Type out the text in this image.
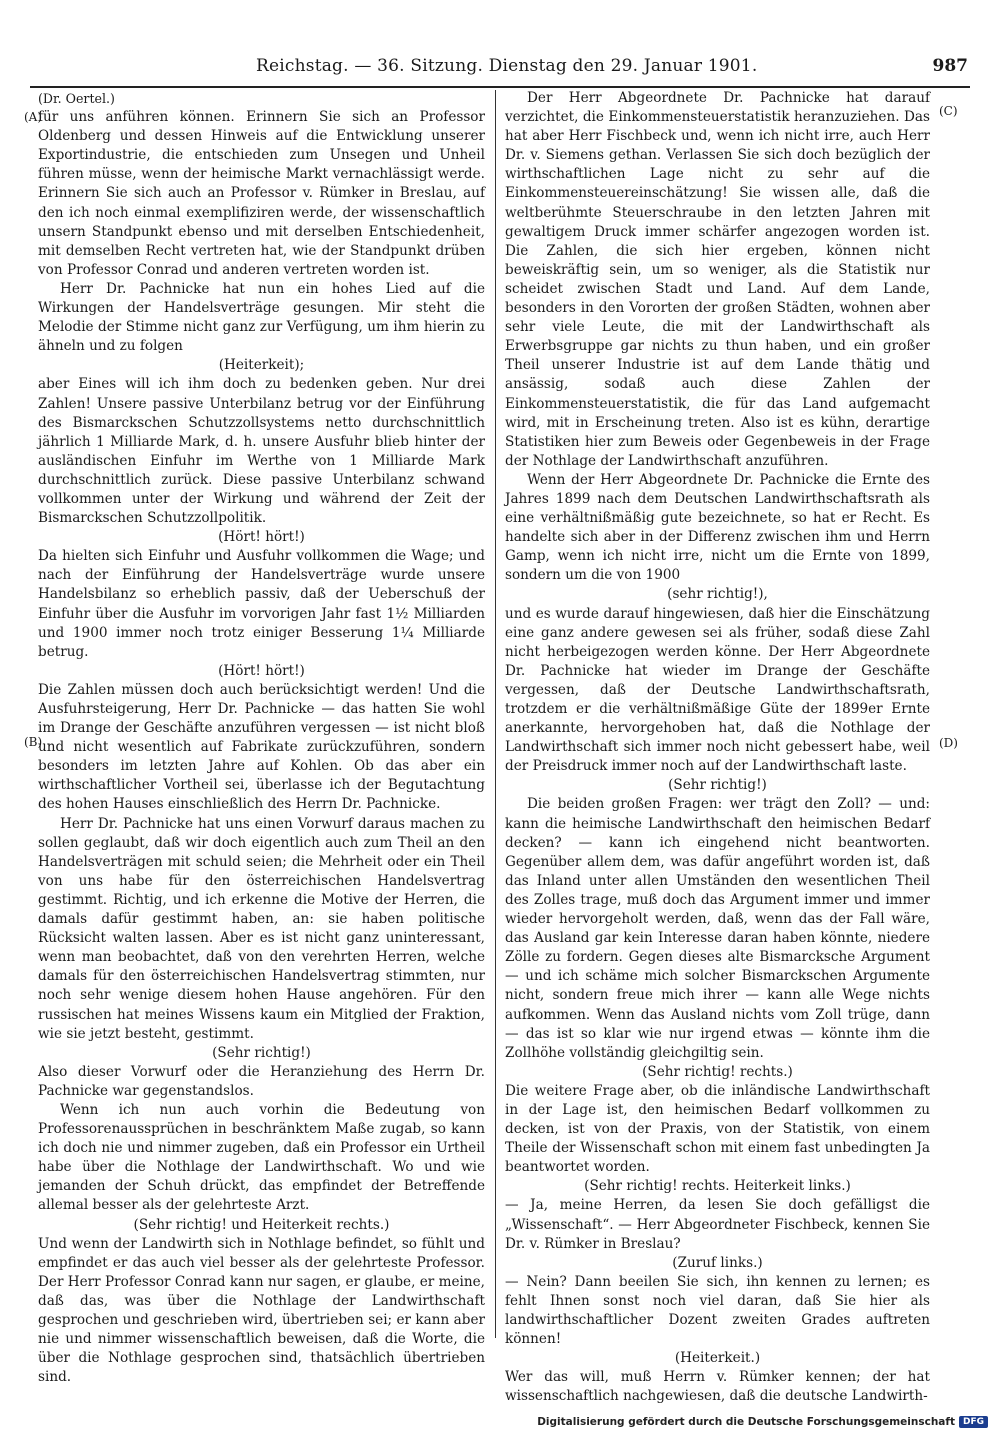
Reichstag. — 36. Sitzung. Dienstag den 29. Januar 1901.	987
(A)
(B)
(C)
(D)

(Dr. Oertel.)

für uns anführen können. Erinnern Sie sich an Professor Oldenberg und dessen Hinweis auf die Entwicklung unserer Exportindustrie, die entschieden zum Unsegen und Unheil führen müsse, wenn der heimische Markt vernachlässigt werde. Erinnern Sie sich auch an Professor v. Rümker in Breslau, auf den ich noch einmal exemplifiziren werde, der wissenschaftlich unsern Standpunkt ebenso und mit derselben Entschiedenheit, mit demselben Recht vertreten hat, wie der Standpunkt drüben von Professor Conrad und anderen vertreten worden ist.

Herr Dr. Pachnicke hat nun ein hohes Lied auf die Wirkungen der Handelsverträge gesungen. Mir steht die Melodie der Stimme nicht ganz zur Verfügung, um ihm hierin zu ähneln und zu folgen

(Heiterkeit);

aber Eines will ich ihm doch zu bedenken geben. Nur drei Zahlen! Unsere passive Unterbilanz betrug vor der Einführung des Bismarckschen Schutzzollsystems netto durchschnittlich jährlich 1 Milliarde Mark, d. h. unsere Ausfuhr blieb hinter der ausländischen Einfuhr im Werthe von 1 Milliarde Mark durchschnittlich zurück. Diese passive Unterbilanz schwand vollkommen unter der Wirkung und während der Zeit der Bismarckschen Schutzzollpolitik.

(Hört! hört!)

Da hielten sich Einfuhr und Ausfuhr vollkommen die Wage; und nach der Einführung der Handelsverträge wurde unsere Handelsbilanz so erheblich passiv, daß der Ueberschuß der Einfuhr über die Ausfuhr im vorvorigen Jahr fast 1½ Milliarden und 1900 immer noch trotz einiger Besserung 1¼ Milliarde betrug.

(Hört! hört!)

Die Zahlen müssen doch auch berücksichtigt werden! Und die Ausfuhrsteigerung, Herr Dr. Pachnicke — das hatten Sie wohl im Drange der Geschäfte anzuführen vergessen — ist nicht bloß und nicht wesentlich auf Fabrikate zurückzuführen, sondern besonders im letzten Jahre auf Kohlen. Ob das aber ein wirthschaftlicher Vortheil sei, überlasse ich der Begutachtung des hohen Hauses einschließlich des Herrn Dr. Pachnicke.

Herr Dr. Pachnicke hat uns einen Vorwurf daraus machen zu sollen geglaubt, daß wir doch eigentlich auch zum Theil an den Handelsverträgen mit schuld seien; die Mehrheit oder ein Theil von uns habe für den österreichischen Handelsvertrag gestimmt. Richtig, und ich erkenne die Motive der Herren, die damals dafür gestimmt haben, an: sie haben politische Rücksicht walten lassen. Aber es ist nicht ganz uninteressant, wenn man beobachtet, daß von den verehrten Herren, welche damals für den österreichischen Handelsvertrag stimmten, nur noch sehr wenige diesem hohen Hause angehören. Für den russischen hat meines Wissens kaum ein Mitglied der Fraktion, wie sie jetzt besteht, gestimmt.

(Sehr richtig!)

Also dieser Vorwurf oder die Heranziehung des Herrn Dr. Pachnicke war gegenstandslos.

Wenn ich nun auch vorhin die Bedeutung von Professorenaussprüchen in beschränktem Maße zugab, so kann ich doch nie und nimmer zugeben, daß ein Professor ein Urtheil habe über die Nothlage der Landwirthschaft. Wo und wie jemanden der Schuh drückt, das empfindet der Betreffende allemal besser als der gelehrteste Arzt.

(Sehr richtig! und Heiterkeit rechts.)

Und wenn der Landwirth sich in Nothlage befindet, so fühlt und empfindet er das auch viel besser als der gelehrteste Professor. Der Herr Professor Conrad kann nur sagen, er glaube, er meine, daß das, was über die Nothlage der Landwirthschaft gesprochen und geschrieben wird, übertrieben sei; er kann aber nie und nimmer wissenschaftlich beweisen, daß die Worte, die über die Nothlage gesprochen sind, thatsächlich übertrieben sind.

Der Herr Abgeordnete Dr. Pachnicke hat darauf verzichtet, die Einkommensteuerstatistik heranzuziehen. Das hat aber Herr Fischbeck und, wenn ich nicht irre, auch Herr Dr. v. Siemens gethan. Verlassen Sie sich doch bezüglich der wirthschaftlichen Lage nicht zu sehr auf die Einkommensteuereinschätzung! Sie wissen alle, daß die weltberühmte Steuerschraube in den letzten Jahren mit gewaltigem Druck immer schärfer angezogen worden ist. Die Zahlen, die sich hier ergeben, können nicht beweiskräftig sein, um so weniger, als die Statistik nur scheidet zwischen Stadt und Land. Auf dem Lande, besonders in den Vororten der großen Städten, wohnen aber sehr viele Leute, die mit der Landwirthschaft als Erwerbsgruppe gar nichts zu thun haben, und ein großer Theil unserer Industrie ist auf dem Lande thätig und ansässig, sodaß auch diese Zahlen der Einkommensteuerstatistik, die für das Land aufgemacht wird, mit in Erscheinung treten. Also ist es kühn, derartige Statistiken hier zum Beweis oder Gegenbeweis in der Frage der Nothlage der Landwirthschaft anzuführen.

Wenn der Herr Abgeordnete Dr. Pachnicke die Ernte des Jahres 1899 nach dem Deutschen Landwirthschaftsrath als eine verhältnißmäßig gute bezeichnete, so hat er Recht. Es handelte sich aber in der Differenz zwischen ihm und Herrn Gamp, wenn ich nicht irre, nicht um die Ernte von 1899, sondern um die von 1900

(sehr richtig!),

und es wurde darauf hingewiesen, daß hier die Einschätzung eine ganz andere gewesen sei als früher, sodaß diese Zahl nicht herbeigezogen werden könne. Der Herr Abgeordnete Dr. Pachnicke hat wieder im Drange der Geschäfte vergessen, daß der Deutsche Landwirthschaftsrath, trotzdem er die verhältnißmäßige Güte der 1899er Ernte anerkannte, hervorgehoben hat, daß die Nothlage der Landwirthschaft sich immer noch nicht gebessert habe, weil der Preisdruck immer noch auf der Landwirthschaft laste.

(Sehr richtig!)

Die beiden großen Fragen: wer trägt den Zoll? — und: kann die heimische Landwirthschaft den heimischen Bedarf decken? — kann ich eingehend nicht beantworten. Gegenüber allem dem, was dafür angeführt worden ist, daß das Inland unter allen Umständen den wesentlichen Theil des Zolles trage, muß doch das Argument immer und immer wieder hervorgeholt werden, daß, wenn das der Fall wäre, das Ausland gar kein Interesse daran haben könnte, niedere Zölle zu fordern. Gegen dieses alte Bismarcksche Argument — und ich schäme mich solcher Bismarckschen Argumente nicht, sondern freue mich ihrer — kann alle Wege nichts aufkommen. Wenn das Ausland nichts vom Zoll trüge, dann — das ist so klar wie nur irgend etwas — könnte ihm die Zollhöhe vollständig gleichgiltig sein.

(Sehr richtig! rechts.)

Die weitere Frage aber, ob die inländische Landwirthschaft in der Lage ist, den heimischen Bedarf vollkommen zu decken, ist von der Praxis, von der Statistik, von einem Theile der Wissenschaft schon mit einem fast unbedingten Ja beantwortet worden.

(Sehr richtig! rechts. Heiterkeit links.)

— Ja, meine Herren, da lesen Sie doch gefälligst die „Wissenschaft“. — Herr Abgeordneter Fischbeck, kennen Sie Dr. v. Rümker in Breslau?

(Zuruf links.)

— Nein? Dann beeilen Sie sich, ihn kennen zu lernen; es fehlt Ihnen sonst noch viel daran, daß Sie hier als landwirthschaftlicher Dozent zweiten Grades auftreten können!

(Heiterkeit.)

Wer das will, muß Herrn v. Rümker kennen; der hat wissenschaftlich nachgewiesen, daß die deutsche Landwirth-

Digitalisierung gefördert durch die Deutsche Forschungsgemeinschaft DFG
